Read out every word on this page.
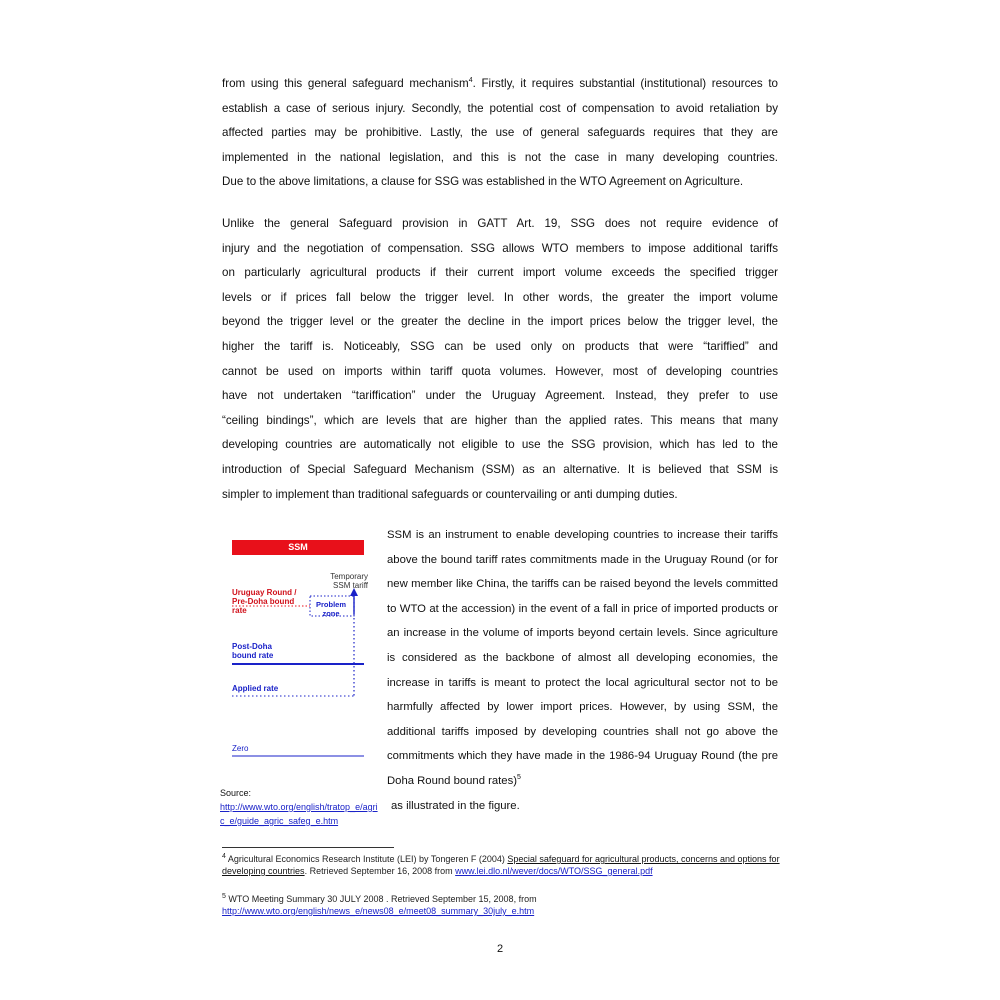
from using this general safeguard mechanism$^4$. Firstly, it requires substantial (institutional) resources to
establish a case of serious injury. Secondly, the potential cost of compensation to avoid retaliation by
affected parties may be prohibitive. Lastly, the use of general safeguards requires that they are
implemented in the national legislation, and this is not the case in many developing countries.
Due to the above limitations, a clause for SSG was established in the WTO Agreement on Agriculture.
Unlike the general Safeguard provision in GATT Art. 19, SSG does not require evidence of
injury and the negotiation of compensation. SSG allows WTO members to impose additional tariffs
on particularly agricultural products if their current import volume exceeds the specified trigger
levels or if prices fall below the trigger level. In other words, the greater the import volume
beyond the trigger level or the greater the decline in the import prices below the trigger level, the
higher the tariff is. Noticeably, SSG can be used only on products that were “tariffied” and
cannot be used on imports within tariff quota volumes. However, most of developing countries
have not undertaken “tariffication” under the Uruguay Agreement. Instead, they prefer to use
“ceiling bindings”, which are levels that are higher than the applied rates. This means that many
developing countries are automatically not eligible to use the SSG provision, which has led to the
introduction of Special Safeguard Mechanism (SSM) as an alternative. It is believed that SSM is
simpler to implement than traditional safeguards or countervailing or anti dumping duties.
SSM
Temporary SSM tariff
Uruguay Round / Pre-Doha bound rate
Problem zone
Post-Doha bound rate
Applied rate
Zero
Source:
http://www.wto.org/english/tratop_e/agric_e/guide_agric_safeg_e.htm
SSM is an instrument to enable developing countries to increase their tariffs above the bound tariff rates commitments made in the Uruguay Round (or for new member like China, the tariffs can be raised beyond the levels committed to WTO at the accession) in the event of a fall in price of imported products or an increase in the volume of imports beyond certain levels. Since agriculture is considered as the backbone of almost all developing economies, the increase in tariffs is meant to protect the local agricultural sector not to be harmfully affected by lower import prices. However, by using SSM, the additional tariffs imposed by developing countries shall not go above the commitments which they have made in the 1986-94 Uruguay Round (the pre Doha Round bound rates)$^5$
as illustrated in the figure.
$^4$ Agricultural Economics Research Institute (LEI) by Tongeren F (2004) Special safeguard for agricultural products, concerns and options for developing countries. Retrieved September 16, 2008 from www.lei.dlo.nl/wever/docs/WTO/SSG_general.pdf
$^5$ WTO Meeting Summary 30 JULY 2008 . Retrieved September 15, 2008, from
http://www.wto.org/english/news_e/news08_e/meet08_summary_30july_e.htm
2
